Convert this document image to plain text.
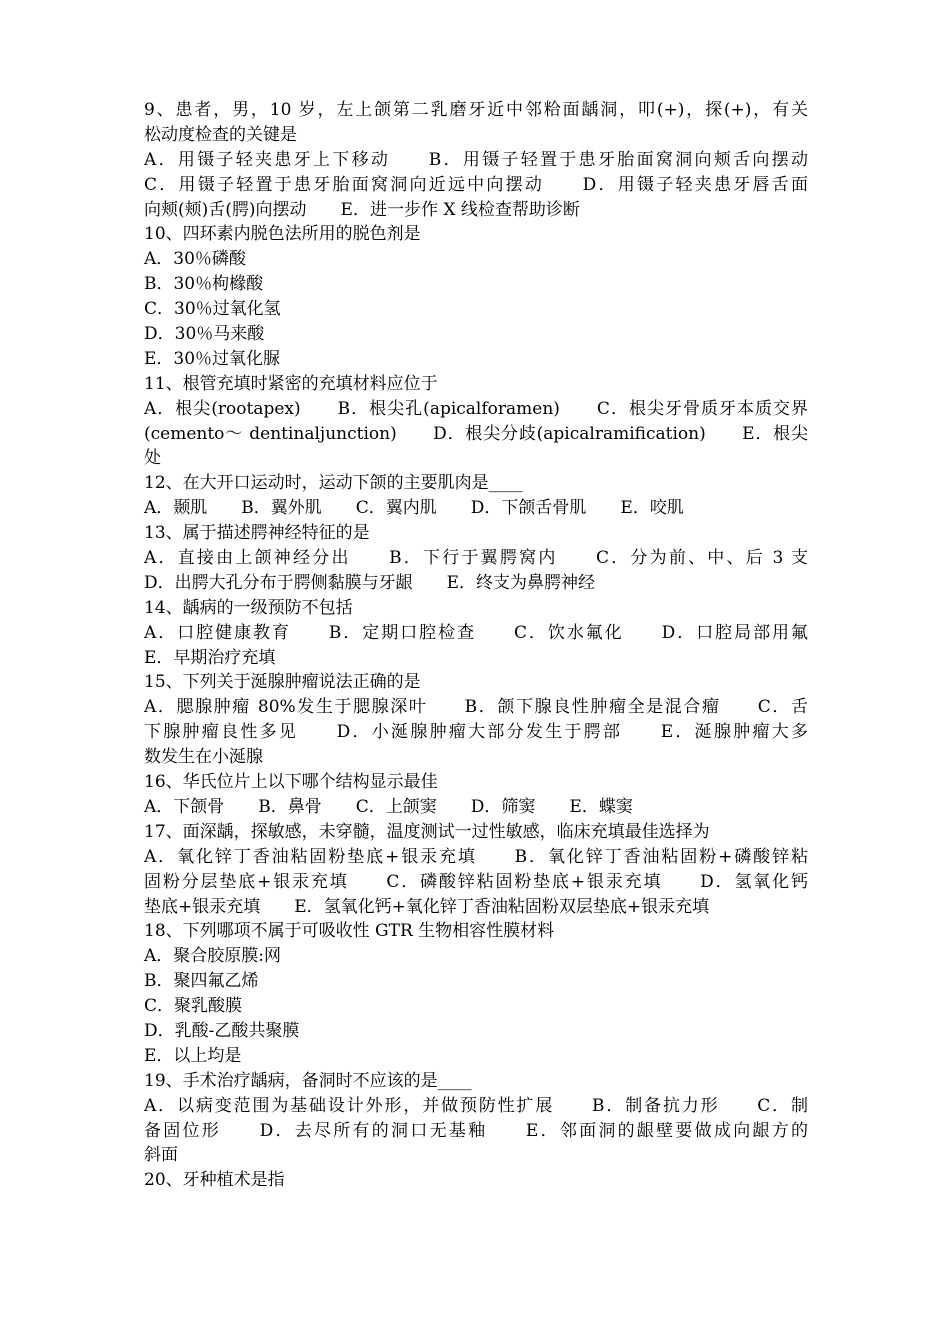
9、患者，男，10 岁，左上颌第二乳磨牙近中邻粭面龋洞，叩(+)，探(+)，有关
松动度检查的关键是
A．用镊子轻夹患牙上下移动　　B．用镊子轻置于患牙胎面窝洞向颊舌向摆动
C．用镊子轻置于患牙胎面窝洞向近远中向摆动　　D．用镊子轻夹患牙唇舌面
向颊(颊)舌(腭)向摆动　　E．进一步作 X 线检查帮助诊断
10、四环素内脱色法所用的脱色剂是
A．30％磷酸
B．30％枸橼酸
C．30％过氧化氢
D．30％马来酸
E．30％过氧化脲
11、根管充填时紧密的充填材料应位于
A．根尖(rootapex)　　B．根尖孔(apicalforamen)　　C．根尖牙骨质牙本质交界
(cemento～ dentinaljunction)　　D．根尖分歧(apicalramification)　　E．根尖
处
12、在大开口运动时，运动下颌的主要肌肉是____
A．颞肌　　B．翼外肌　　C．翼内肌　　D．下颌舌骨肌　　E．咬肌
13、属于描述腭神经特征的是
A．直接由上颌神经分出　　B．下行于翼腭窝内　　C．分为前、中、后 3 支
D．出腭大孔分布于腭侧黏膜与牙龈　　E．终支为鼻腭神经
14、龋病的一级预防不包括
A．口腔健康教育　　B．定期口腔检查　　C．饮水氟化　　D．口腔局部用氟
E．早期治疗充填
15、下列关于涎腺肿瘤说法正确的是
A．腮腺肿瘤 80%发生于腮腺深叶　　B．颌下腺良性肿瘤全是混合瘤　　C．舌
下腺肿瘤良性多见　　D．小涎腺肿瘤大部分发生于腭部　　E．涎腺肿瘤大多
数发生在小涎腺
16、华氏位片上以下哪个结构显示最佳
A．下颌骨　　B．鼻骨　　C．上颌窦　　D．筛窦　　E．蝶窦
17、面深龋，探敏感，未穿髓，温度测试一过性敏感，临床充填最佳选择为
A．氧化锌丁香油粘固粉垫底+银汞充填　　B．氧化锌丁香油粘固粉+磷酸锌粘
固粉分层垫底+银汞充填　　C．磷酸锌粘固粉垫底+银汞充填　　D．氢氧化钙
垫底+银汞充填　　E．氢氧化钙+氧化锌丁香油粘固粉双层垫底+银汞充填
18、下列哪项不属于可吸收性 GTR 生物相容性膜材料
A．聚合胶原膜:网
B．聚四氟乙烯
C．聚乳酸膜
D．乳酸-乙酸共聚膜
E．以上均是
19、手术治疗龋病，备洞时不应该的是____
A．以病变范围为基础设计外形，并做预防性扩展　　B．制备抗力形　　C．制
备固位形　　D．去尽所有的洞口无基釉　　E．邻面洞的龈壁要做成向龈方的
斜面
20、牙种植术是指
